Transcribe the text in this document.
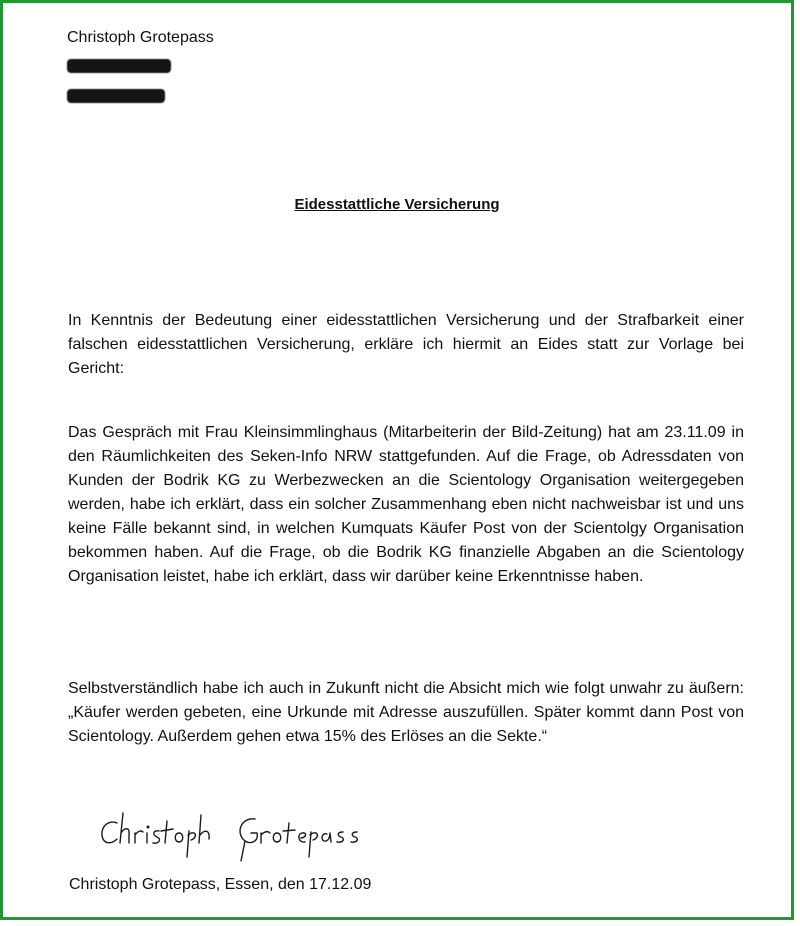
Christoph Grotepass
Eidesstattliche Versicherung

In Kenntnis der Bedeutung einer eidesstattlichen Versicherung und der Strafbarkeit einer falschen eidesstattlichen Versicherung, erkläre ich hiermit an Eides statt zur Vorlage bei Gericht:

Das Gespräch mit Frau Kleinsimmlinghaus (Mitarbeiterin der Bild-Zeitung) hat am 23.11.09 in den Räumlichkeiten des Seken-Info NRW stattgefunden. Auf die Frage, ob Adressdaten von Kunden der Bodrik KG zu Werbezwecken an die Scientology Organisation weitergegeben werden, habe ich erklärt, dass ein solcher Zusammenhang eben nicht nachweisbar ist und uns keine Fälle bekannt sind, in welchen Kumquats Käufer Post von der Scientolgy Organisation bekommen haben. Auf die Frage, ob die Bodrik KG finanzielle Abgaben an die Scientology Organisation leistet, habe ich erklärt, dass wir darüber keine Erkenntnisse haben.

Selbstverständlich habe ich auch in Zukunft nicht die Absicht mich wie folgt unwahr zu äußern: „Käufer werden gebeten, eine Urkunde mit Adresse auszufüllen. Später kommt dann Post von Scientology. Außerdem gehen etwa 15% des Erlöses an die Sekte.“

Christoph Grotepass, Essen, den 17.12.09
